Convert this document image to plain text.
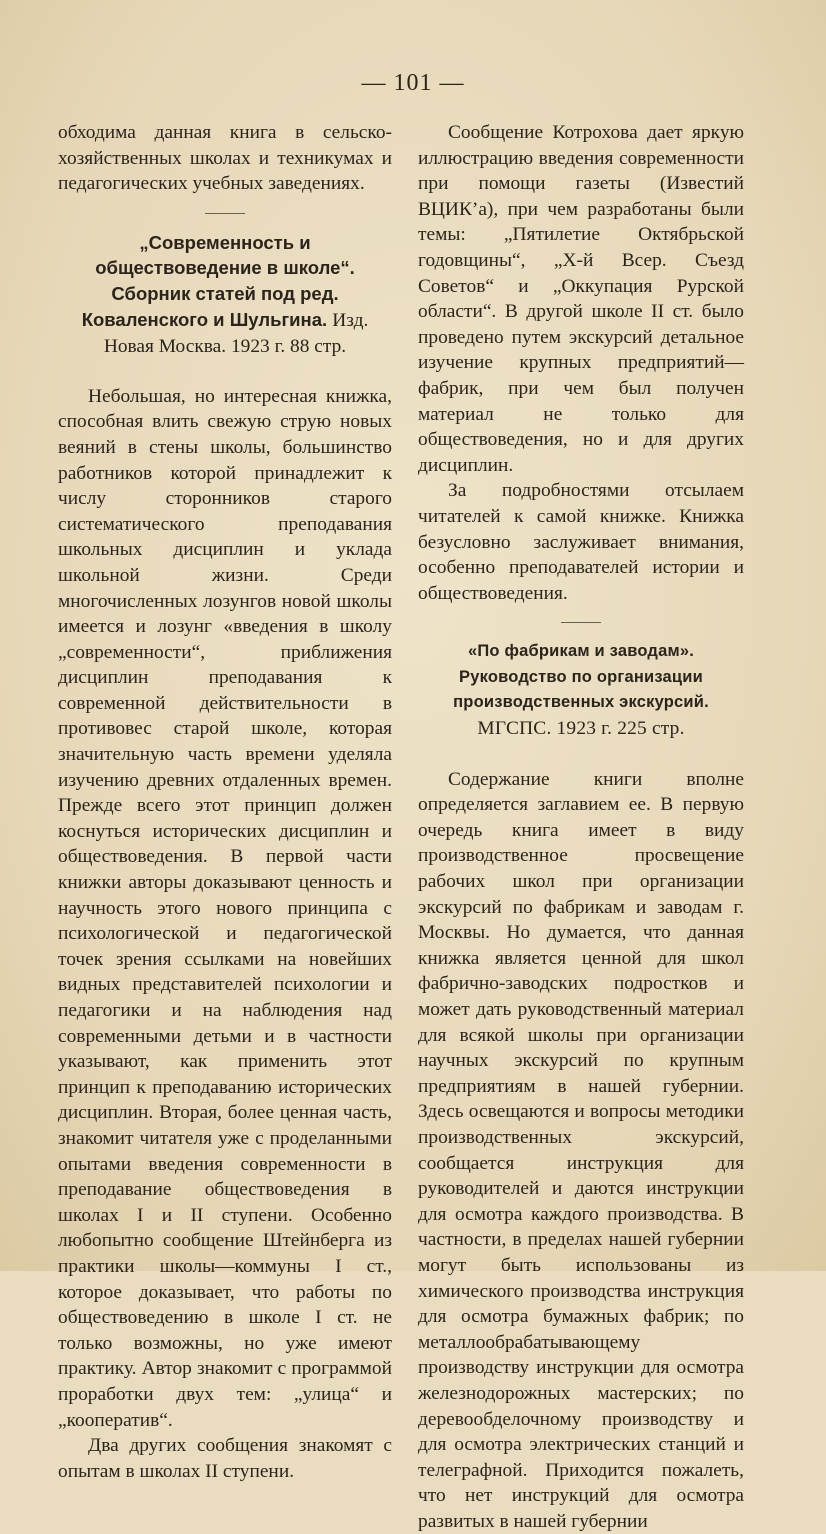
— 101 —

обходима данная книга в сельско-хозяйственных школах и техникумах и педагогических учебных заведениях.

„Современность и обществоведение в школе“. Сборник статей под ред. Коваленского и Шульгина. Изд. Новая Москва. 1923 г. 88 стр.

Небольшая, но интересная книжка, способная влить свежую струю новых веяний в стены школы, большинство работников которой принадлежит к числу сторонников старого систематического преподавания школьных дисциплин и уклада школьной жизни. Среди многочисленных лозунгов новой школы имеется и лозунг «введения в школу „современности“, приближения дисциплин преподавания к современной действительности в противовес старой школе, которая значительную часть времени уделяла изучению древних отдаленных времен. Прежде всего этот принцип должен коснуться исторических дисциплин и обществоведения. В первой части книжки авторы доказывают ценность и научность этого нового принципа с психологической и педагогической точек зрения ссылками на новейших видных представителей психологии и педагогики и на наблюдения над современными детьми и в частности указывают, как применить этот принцип к преподаванию исторических дисциплин. Вторая, более ценная часть, знакомит читателя уже с проделанными опытами введения современности в преподавание обществоведения в школах I и II ступени. Особенно любопытно сообщение Штейнберга из практики школы—коммуны I ст., которое доказывает, что работы по обществоведению в школе I ст. не только возможны, но уже имеют практику. Автор знакомит с программой проработки двух тем: „улица“ и „кооператив“.

Два других сообщения знакомят с опытам в школах II ступени.

Сообщение Котрохова дает яркую иллюстрацию введения современности при помощи газеты (Известий ВЦИК’а), при чем разработаны были темы: „Пятилетие Октябрьской годовщины“, „Х-й Всер. Съезд Советов“ и „Оккупация Рурской области“. В другой школе II ст. было проведено путем экскурсий детальное изучение крупных предприятий—фабрик, при чем был получен материал не только для обществоведения, но и для других дисциплин.

За подробностями отсылаем читателей к самой книжке. Книжка безусловно заслуживает внимания, особенно преподавателей истории и обществоведения.

«По фабрикам и заводам». Руководство по организации производственных экскурсий. МГСПС. 1923 г. 225 стр.

Содержание книги вполне определяется заглавием ее. В первую очередь книга имеет в виду производственное просвещение рабочих школ при организации экскурсий по фабрикам и заводам г. Москвы. Но думается, что данная книжка является ценной для школ фабрично-заводских подростков и может дать руководственный материал для всякой школы при организации научных экскурсий по крупным предприятиям в нашей губернии. Здесь освещаются и вопросы методики производственных экскурсий, сообщается инструкция для руководителей и даются инструкции для осмотра каждого производства. В частности, в пределах нашей губернии могут быть использованы из химического производства инструкция для осмотра бумажных фабрик; по металлообрабатывающему производству инструкции для осмотра железнодорожных мастерских; по деревообделочному производству и для осмотра электрических станций и телеграфной. Приходится пожалеть, что нет инструкций для осмотра развитых в нашей губернии
